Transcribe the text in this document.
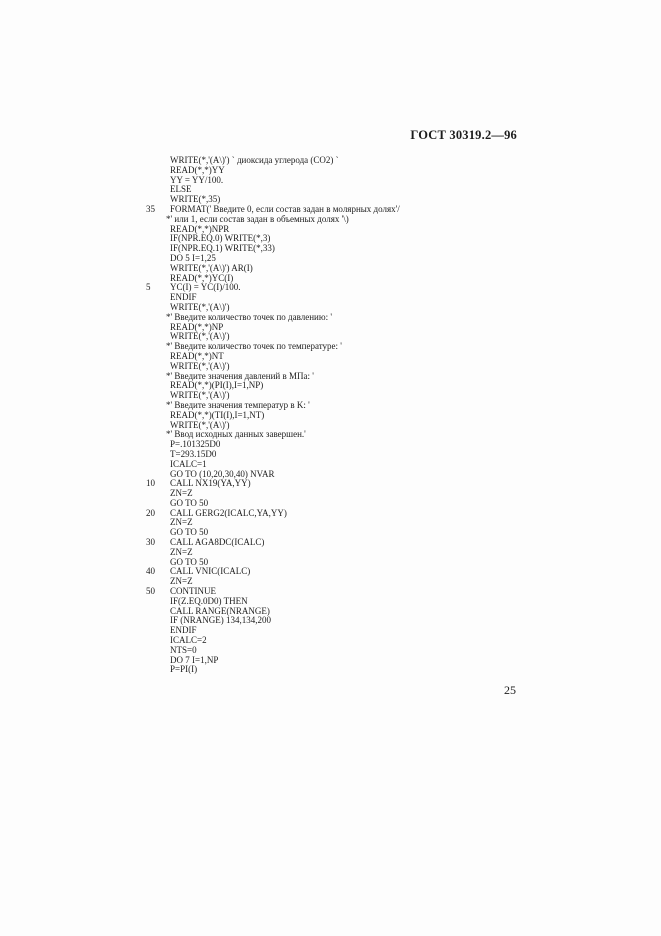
ГОСТ 30319.2—96
WRITE(*,'(A\)') ` диоксида углерода (CO2) `
READ(*,*)YY
YY = YY/100.
ELSE
WRITE(*,35)
35	FORMAT(' Введите 0, если состав задан в молярных долях'/
*' или 1, если состав задан в объемных долях '\)
READ(*,*)NPR
IF(NPR.EQ.0) WRITE(*,3)
IF(NPR.EQ.1) WRITE(*,33)
DO 5 I=1,25
WRITE(*,'(A\)') AR(I)
READ(*,*)YC(I)
5	YC(I) = YC(I)/100.
ENDIF
WRITE(*,'(A\)')
*' Введите количество точек по давлению: '
READ(*,*)NP
WRITE(*,'(A\)')
*' Введите количество точек по температуре: '
READ(*,*)NT
WRITE(*,'(A\)')
*' Введите значения давлений в МПа: '
READ(*,*)(PI(I),I=1,NP)
WRITE(*,'(A\)')
*' Введите значения температур в K: '
READ(*,*)(TI(I),I=1,NT)
WRITE(*,'(A\)')
*' Ввод исходных данных завершен.'
P=.101325D0
T=293.15D0
ICALC=1
GO TO (10,20,30,40) NVAR
10	CALL NX19(YA,YY)
ZN=Z
GO TO 50
20	CALL GERG2(ICALC,YA,YY)
ZN=Z
GO TO 50
30	CALL AGA8DC(ICALC)
ZN=Z
GO TO 50
40	CALL VNIC(ICALC)
ZN=Z
50	CONTINUE
IF(Z.EQ.0D0) THEN
CALL RANGE(NRANGE)
IF (NRANGE) 134,134,200
ENDIF
ICALC=2
NTS=0
DO 7 I=1,NP
P=PI(I)
25
